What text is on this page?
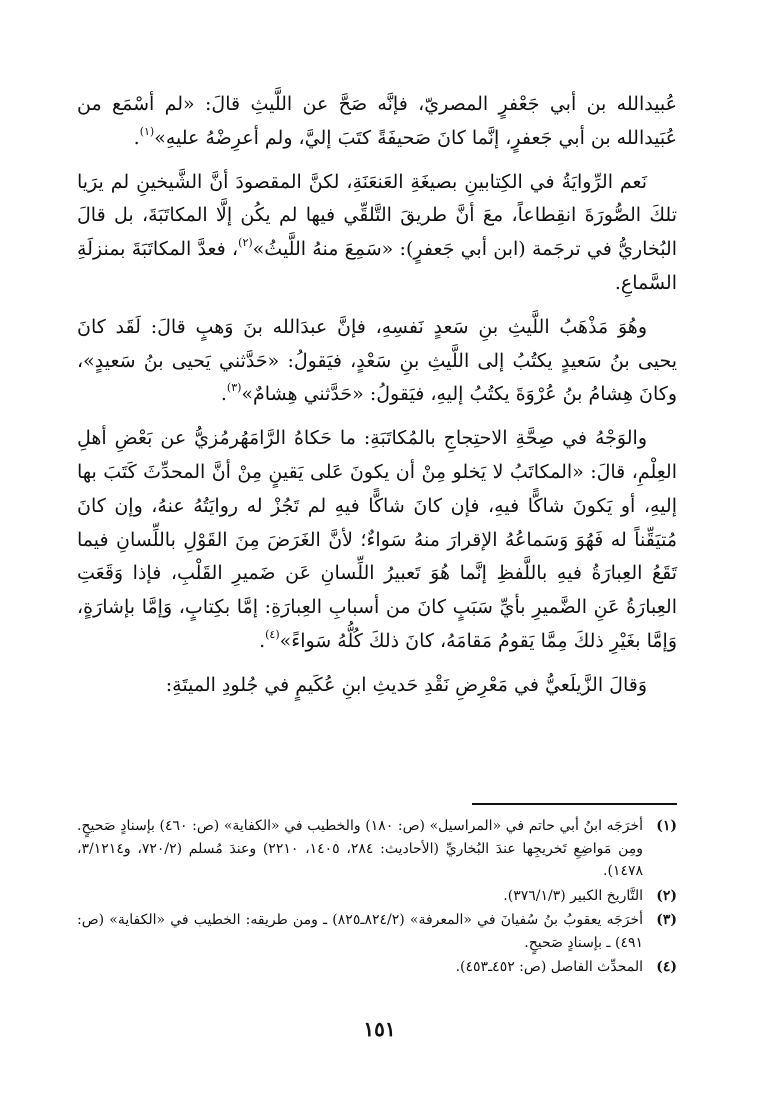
عُبيدالله بن أبي جَعْفرٍ المصريّ، فإنَّه صَحَّ عن اللَّيثِ قالَ: «لم أسْمَع من عُبَيدالله بن أبي جَعفرٍ، إنَّما كانَ صَحيفَةً كتَبَ إليَّ، ولم أعرِضْهُ عليهِ»$^{(١)}$.

نَعم الرِّوايَةُ في الكِتابينِ بصيغَةِ العَنعَنَةِ، لكنَّ المقصودَ أنَّ الشَّيخينِ لم يرَيا تلكَ الصُّورَةَ انقِطاعاً، معَ أنَّ طريقَ التَّلقِّي فيها لم يكُن إلَّا المكاتَبَةَ، بل قالَ البُخاريُّ في ترجَمة (ابن أبي جَعفرٍ): «سَمِعَ منهُ اللَّيثُ»$^{(٢)}$، فعدَّ المكاتَبَةَ بمنزلَةِ السَّماعِ.

وهُوَ مَذْهَبُ اللَّيثِ بنِ سَعدٍ نَفسِهِ، فإنَّ عبدَالله بنَ وَهبٍ قالَ: لَقَد كانَ يحيى بنُ سَعيدٍ يكتُبُ إلى اللَّيثِ بنِ سَعْدٍ، فيَقولُ: «حَدَّثني يَحيى بنُ سَعيدٍ»، وكانَ هِشامُ بنُ عُرْوَةَ يكتُبُ إليهِ، فيَقولُ: «حَدَّثني هِشامٌ»$^{(٣)}$.

والوَجْهُ في صِحَّةِ الاحتِجاجِ بالمُكاتَبَةِ: ما حَكاهُ الرَّامَهُرمُزيُّ عن بَعْضِ أهلِ العِلْمِ، قالَ: «المكاتَبُ لا يَخلو مِنْ أن يكونَ عَلى يَقينٍ مِنْ أنَّ المحدِّثَ كَتَبَ بها إليهِ، أو يَكونَ شاكًّا فيهِ، فإن كانَ شاكًّا فيهِ لم تَجُزْ له روايَتُهُ عنهُ، وإن كانَ مُتيَقِّناً له فَهُوَ وَسَماعُهُ الإقرارَ منهُ سَواءٌ؛ لأنَّ الغَرَضَ مِنَ القَوْلِ باللِّسانِ فيما تَقَعُ العِبارَةُ فيهِ باللَّفظِ إنَّما هُوَ تَعبيرُ اللِّسانِ عَن ضَميرِ القَلْبِ، فإذا وَقَعَتِ العِبارَةُ عَنِ الضَّميرِ بأيِّ سَبَبٍ كانَ من أسبابِ العِبارَةِ: إمَّا بكِتابٍ، وَإمَّا بإشارَةٍ، وَإمَّا بغَيْرِ ذلكَ مِمَّا يَقومُ مَقامَهُ، كانَ ذلكَ كُلُّهُ سَواءً»$^{(٤)}$.

وَقالَ الزَّيلَعيُّ في مَعْرِضِ نَقْدِ حَديثِ ابنِ عُكَيمٍ في جُلودِ الميتَةِ:

(١)
أخرَجَه ابنُ أبي حاتم في «المراسيل» (ص: ١٨٠) والخطيب في «الكفاية» (ص: ٤٦٠) بإسنادٍ صَحيحٍ. ومِن مَواضِعِ تَخريجِها عندَ البُخاريِّ (الأحاديث: ٢٨٤، ١٤٠٥، ٢٢١٠) وعندَ مُسلم (٧٢٠/٢، و٣/١٢١٤، ١٤٧٨).

(٢)
التَّاريخ الكبير (٣٧٦/١/٣).

(٣)
أخرَجَه يعقوبُ بنُ سُفيانَ في «المعرفة» (٨٢٤/٢ـ٨٢٥) ـ ومن طريقه: الخطيب في «الكفاية» (ص: ٤٩١) ـ بإسنادٍ صَحيحٍ.

(٤)
المحدِّث الفاصل (ص: ٤٥٢ـ٤٥٣).

١٥١
